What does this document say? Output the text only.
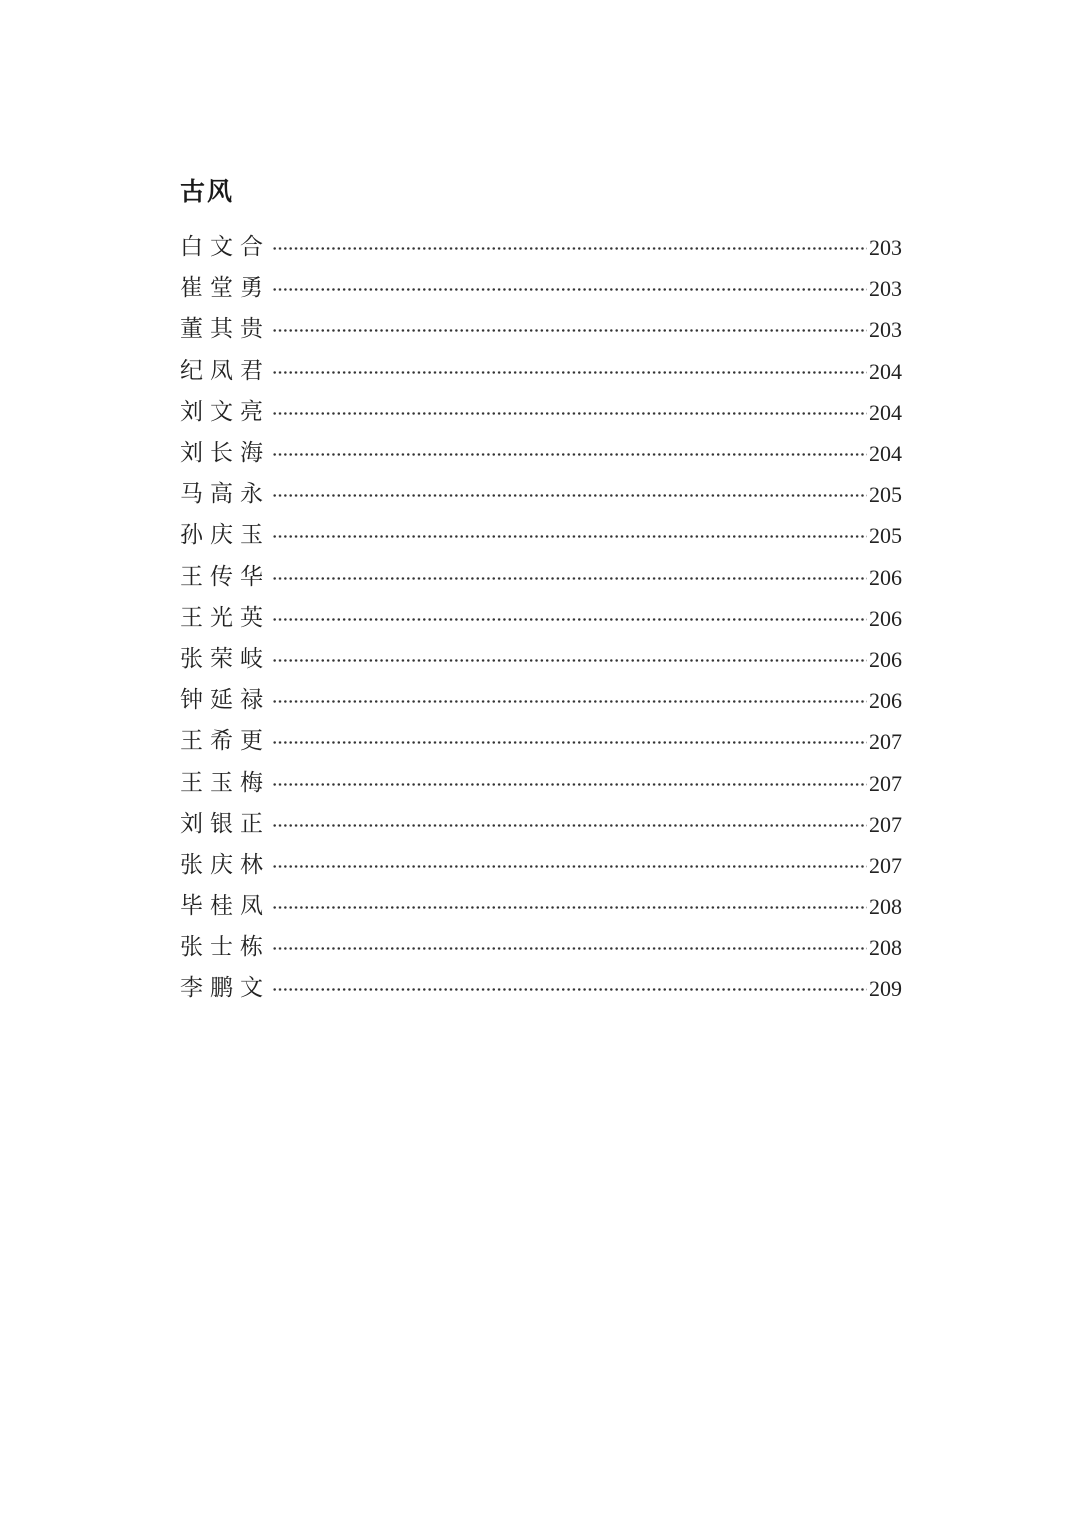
古风
白文合	203
崔堂勇	203
董其贵	203
纪凤君	204
刘文亮	204
刘长海	204
马高永	205
孙庆玉	205
王传华	206
王光英	206
张荣岐	206
钟延禄	206
王希更	207
王玉梅	207
刘银正	207
张庆林	207
毕桂凤	208
张士栋	208
李鹏文	209
